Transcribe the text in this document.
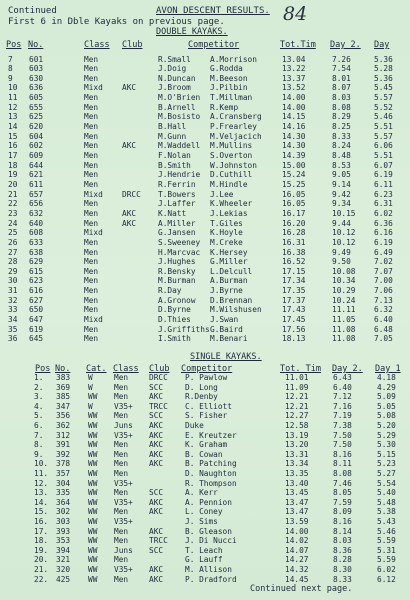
Continued	AVON DESCENT RESULTS. 84
First 6 in Dble Kayaks on previous page.
DOUBLE KAYAKS.
Pos No.	Class Club	Competitor	Tot.Tim Day 2. Day
7 601	Men	R.Small A.Morrison	13.04	7.26	5.36
8 603	Men	J.Doig	G.Rodda	13.22	7.54	5.28
9 630	Men	N.Duncan M.Beeson	13.37	8.01	5.36
10 636	Mixd AKC	J.Broom J.Pilbin	13.52	8.07	5.45
11 605	Men	M.O'Brien T.Millman	14.00	8.03	5.57
12 655	Men	B.Arnell R.Kemp	14.00	8.08	5.52
13 625	Men	M.Bosisto A.Cransberg	14.15	8.29	5.46
14 620	Men	B.Hall	P.Frearley	14.16	8.25	5.51
15 604	Men	M.Gunn	M.Veljacich	14.30	8.33	5.57
16 602	Men	AKC	M.Waddell M.Mullins	14.30	8.24	6.06
17 609	Men	F.Nolan S.Overton	14.39	8.48	5.51
18 644	Men	B.Smith W.Johnston	15.00	8.53	6.07
19 621	Men	J.Hendrie D.Cuthill	15.24	9.05	6.19
20 611	Men	R.Ferrin M.Hindle	15.25	9.14	6.11
21 657	Mixd DRCC T.Bowers J.Lee	16.05	9.42	6.23
22 656	Men	J.Laffer K.Wheeler	16.05	9.34	6.31
23 632	Men	AKC	K.Natt	J.Lekias	16.17	10.15 6.02
24 640	Men	AKC	A.Miller T.Giles	16.20	9.44	6.36
25 608	Mixd	G.Jansen K.Hoyle	16.28	10.12 6.16
26 633	Men	S.Sweeney M.Creke	16.31	10.12 6.19
27 638	Men	H.Marcvac K.Hersey	16.38	9.49	6.49
28 629	Men	J.Hughes G.Miller	16.52	9.50	7.02
29 615	Men	R.Bensky L.Delcull	17.15	10.08 7.07
30 623	Men	M.Burman A.Burman	17.34	10.34 7.00
31 616	Men	R.Day	J.Byrne	17.35	10.29 7.06
32 627	Men	A.Gronow D.Brennan	17.37	10.24 7.13
33 650	Men	D.Byrne M.Wilshusen	17.43	11.11 6.32
34 647	Mixd	D.Thies J.Swan	17.45	11.05 6.40
35 619	Men	J.Griffiths G.Baird	17.56	11.08 6.48
36 645	Men	I.Smith M.Benari	18.13	11.08 7.05
SINGLE KAYAKS.
Pos No. Cat. Class Club Competitor	Tot. Tim Day 2. Day 1
1. 383 W	Men	DRCC P. Pawlow	11.01	6.43	4.18
2. 369 W	Men	SCC	D. Long	11.09	6.40	4.29
3. 385 WW Men	AKC	R.Denby	12.21	7.12	5.09
4. 347 W	V35+ TRCC C. Elliott	12.21	7.16	5.05
5. 356 WW Men	SCC	S. Fisher	12.27	7.19	5.08
6. 362 WW Juns AKC	Duke	12.58	7.38	5.20
7. 312 WW V35+ AKC	E. Kreutzer	13.19	7.50	5.29
8. 391 WW Men	AKC	K. Graham	13.20	7.50	5.30
9. 392 WW Men	AKC	B. Cowan	13.31	8.16	5.15
10. 378 WW Men	AKC	B. Patching	13.34	8.11	5.23
11. 357 WW Men	D. Naughton	13.35	8.08	5.27
12. 304 WW V35+	R. Thompson	13.40	7.46	5.54
13. 335 WW Men	SCC	A. Kerr	13.45	8.05	5.40
14. 364 WW V35+ AKC	A. Pennion	13.47	7.59	5.48
15. 302 WW Men	AKC	L. Coney	13.47	8.09	5.38
16. 303 WW V35+	J. Sims	13.59	8.16	5.43
17. 393 WW Men	AKC	B. Gleason	14.00	8.14	5.46
18. 353 WW Men	TRCC J. Di Nucci	14.02	8.03	5.59
19. 394 WW Juns SCC	T. Leach	14.07	8.36	5.31
20. 321 WW Men	G. Lauff	14.27	8.28	5.59
21. 320 WW V35+ AKC	M. Allison	14.32	8.30	6.02
22. 425 WW Men	AKC	P. Dradford	14.45	8.33	6.12
Continued next page.
